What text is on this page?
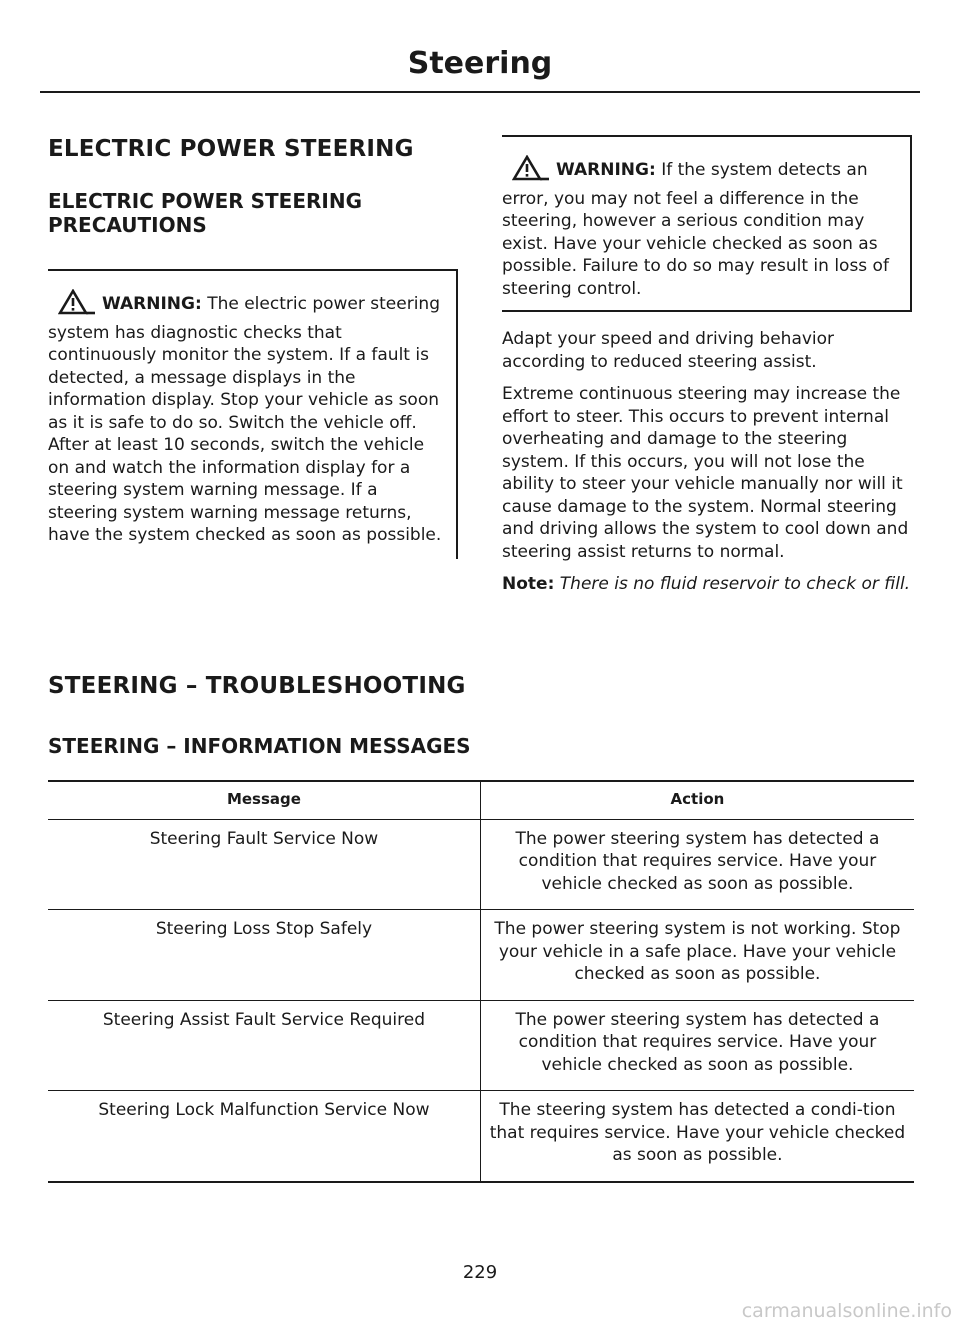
Steering
ELECTRIC POWER STEERING
ELECTRIC POWER STEERING PRECAUTIONS
WARNING: The electric power steering system has diagnostic checks that continuously monitor the system. If a fault is detected, a message displays in the information display. Stop your vehicle as soon as it is safe to do so. Switch the vehicle off. After at least 10 seconds, switch the vehicle on and watch the information display for a steering system warning message. If a steering system warning message returns, have the system checked as soon as possible.
WARNING: If the system detects an error, you may not feel a difference in the steering, however a serious condition may exist. Have your vehicle checked as soon as possible. Failure to do so may result in loss of steering control.

Adapt your speed and driving behavior according to reduced steering assist.

Extreme continuous steering may increase the effort to steer. This occurs to prevent internal overheating and damage to the steering system. If this occurs, you will not lose the ability to steer your vehicle manually nor will it cause damage to the system. Normal steering and driving allows the system to cool down and steering assist returns to normal.

Note: There is no fluid reservoir to check or fill.

STEERING – TROUBLESHOOTING
STEERING – INFORMATION MESSAGES
Message	Action
Steering Fault Service Now	The power steering system has detected a condition that requires service. Have your vehicle checked as soon as possible.
Steering Loss Stop Safely	The power steering system is not working. Stop your vehicle in a safe place. Have your vehicle checked as soon as possible.
Steering Assist Fault Service Required	The power steering system has detected a condition that requires service. Have your vehicle checked as soon as possible.
Steering Lock Malfunction Service Now	The steering system has detected a condi-tion that requires service. Have your vehicle checked as soon as possible.
229
carmanualsonline.info
